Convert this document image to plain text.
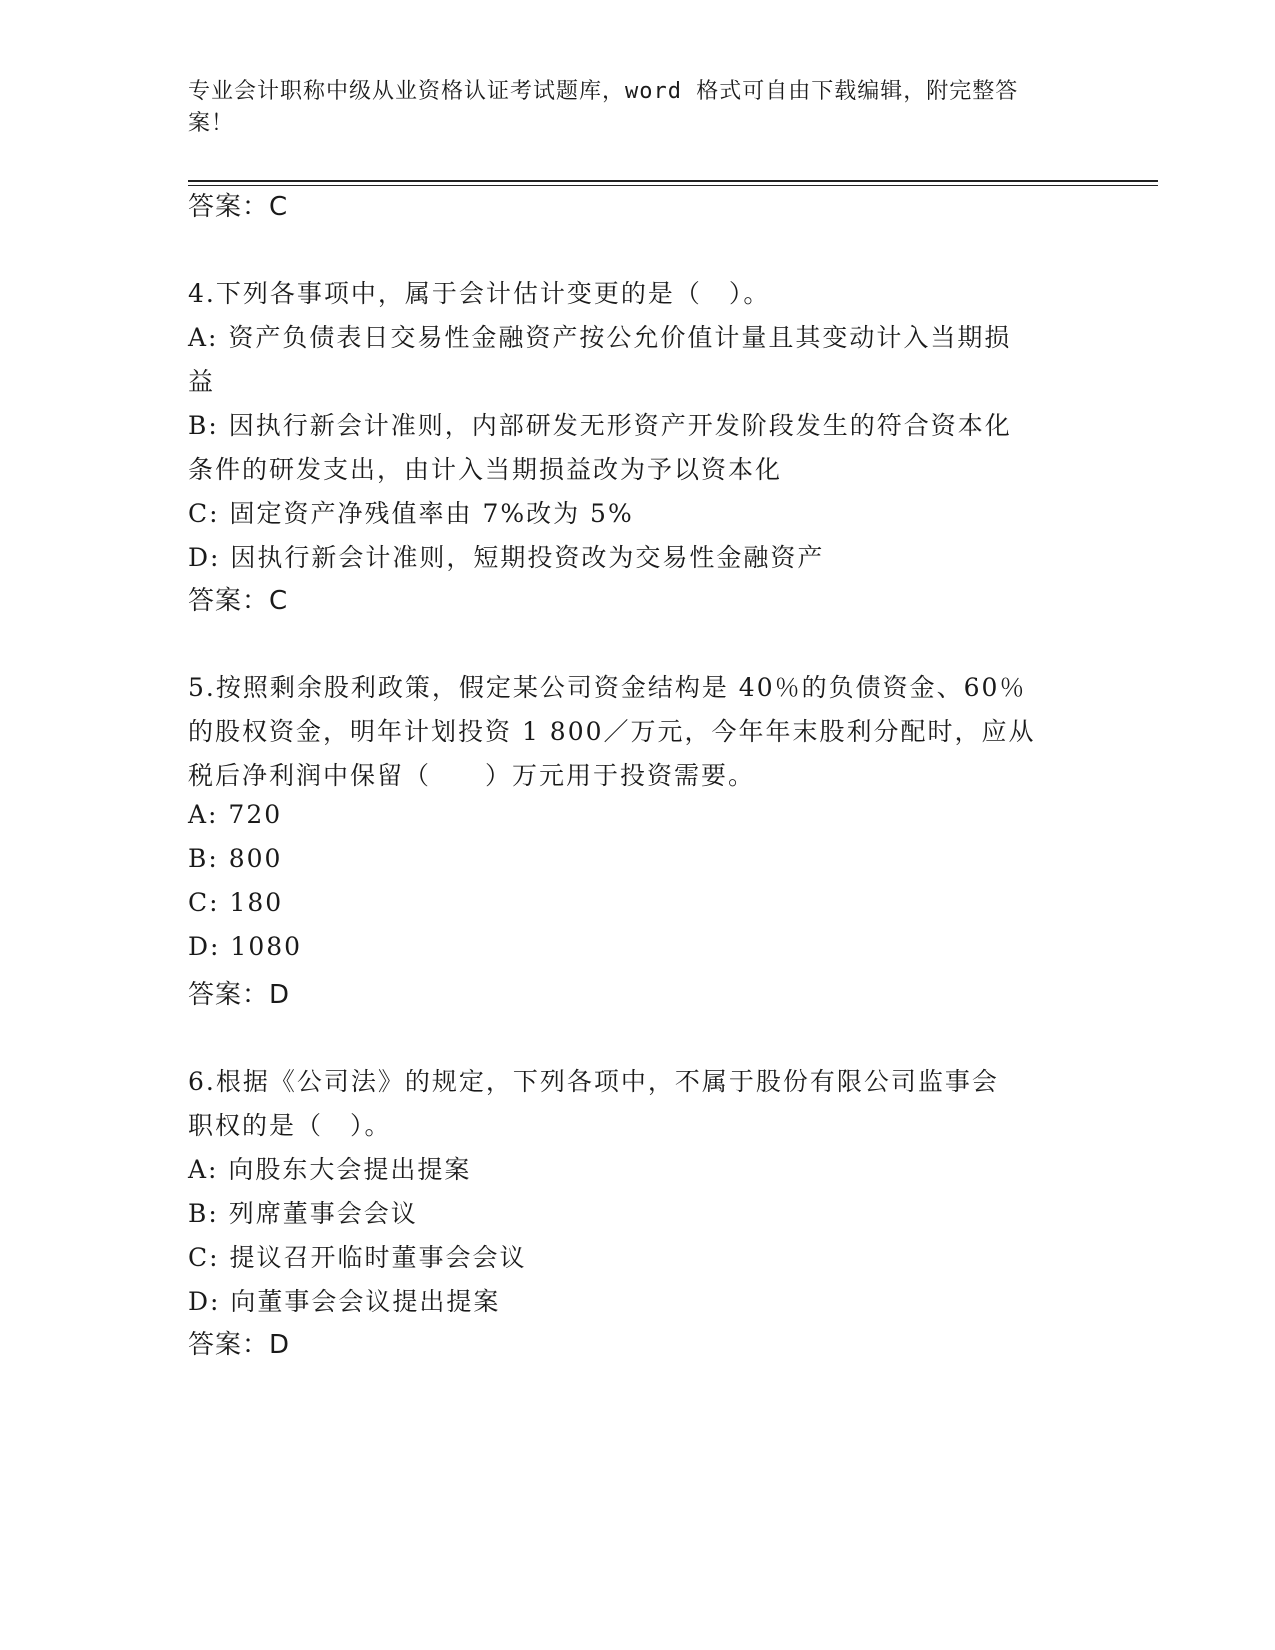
专业会计职称中级从业资格认证考试题库，word 格式可自由下载编辑，附完整答
案！
答案：C
4.下列各事项中，属于会计估计变更的是（　）。
A: 资产负债表日交易性金融资产按公允价值计量且其变动计入当期损
益
B: 因执行新会计准则，内部研发无形资产开发阶段发生的符合资本化
条件的研发支出，由计入当期损益改为予以资本化
C: 固定资产净残值率由 7%改为 5%
D: 因执行新会计准则，短期投资改为交易性金融资产
答案：C
5.按照剩余股利政策，假定某公司资金结构是 40％的负债资金、60％
的股权资金，明年计划投资 1 800／万元，今年年末股利分配时，应从
税后净利润中保留（　　）万元用于投资需要。
A: 720
B: 800
C: 180
D: 1080
答案：D
6.根据《公司法》的规定，下列各项中，不属于股份有限公司监事会
职权的是（　）。
A: 向股东大会提出提案
B: 列席董事会会议
C: 提议召开临时董事会会议
D: 向董事会会议提出提案
答案：D
